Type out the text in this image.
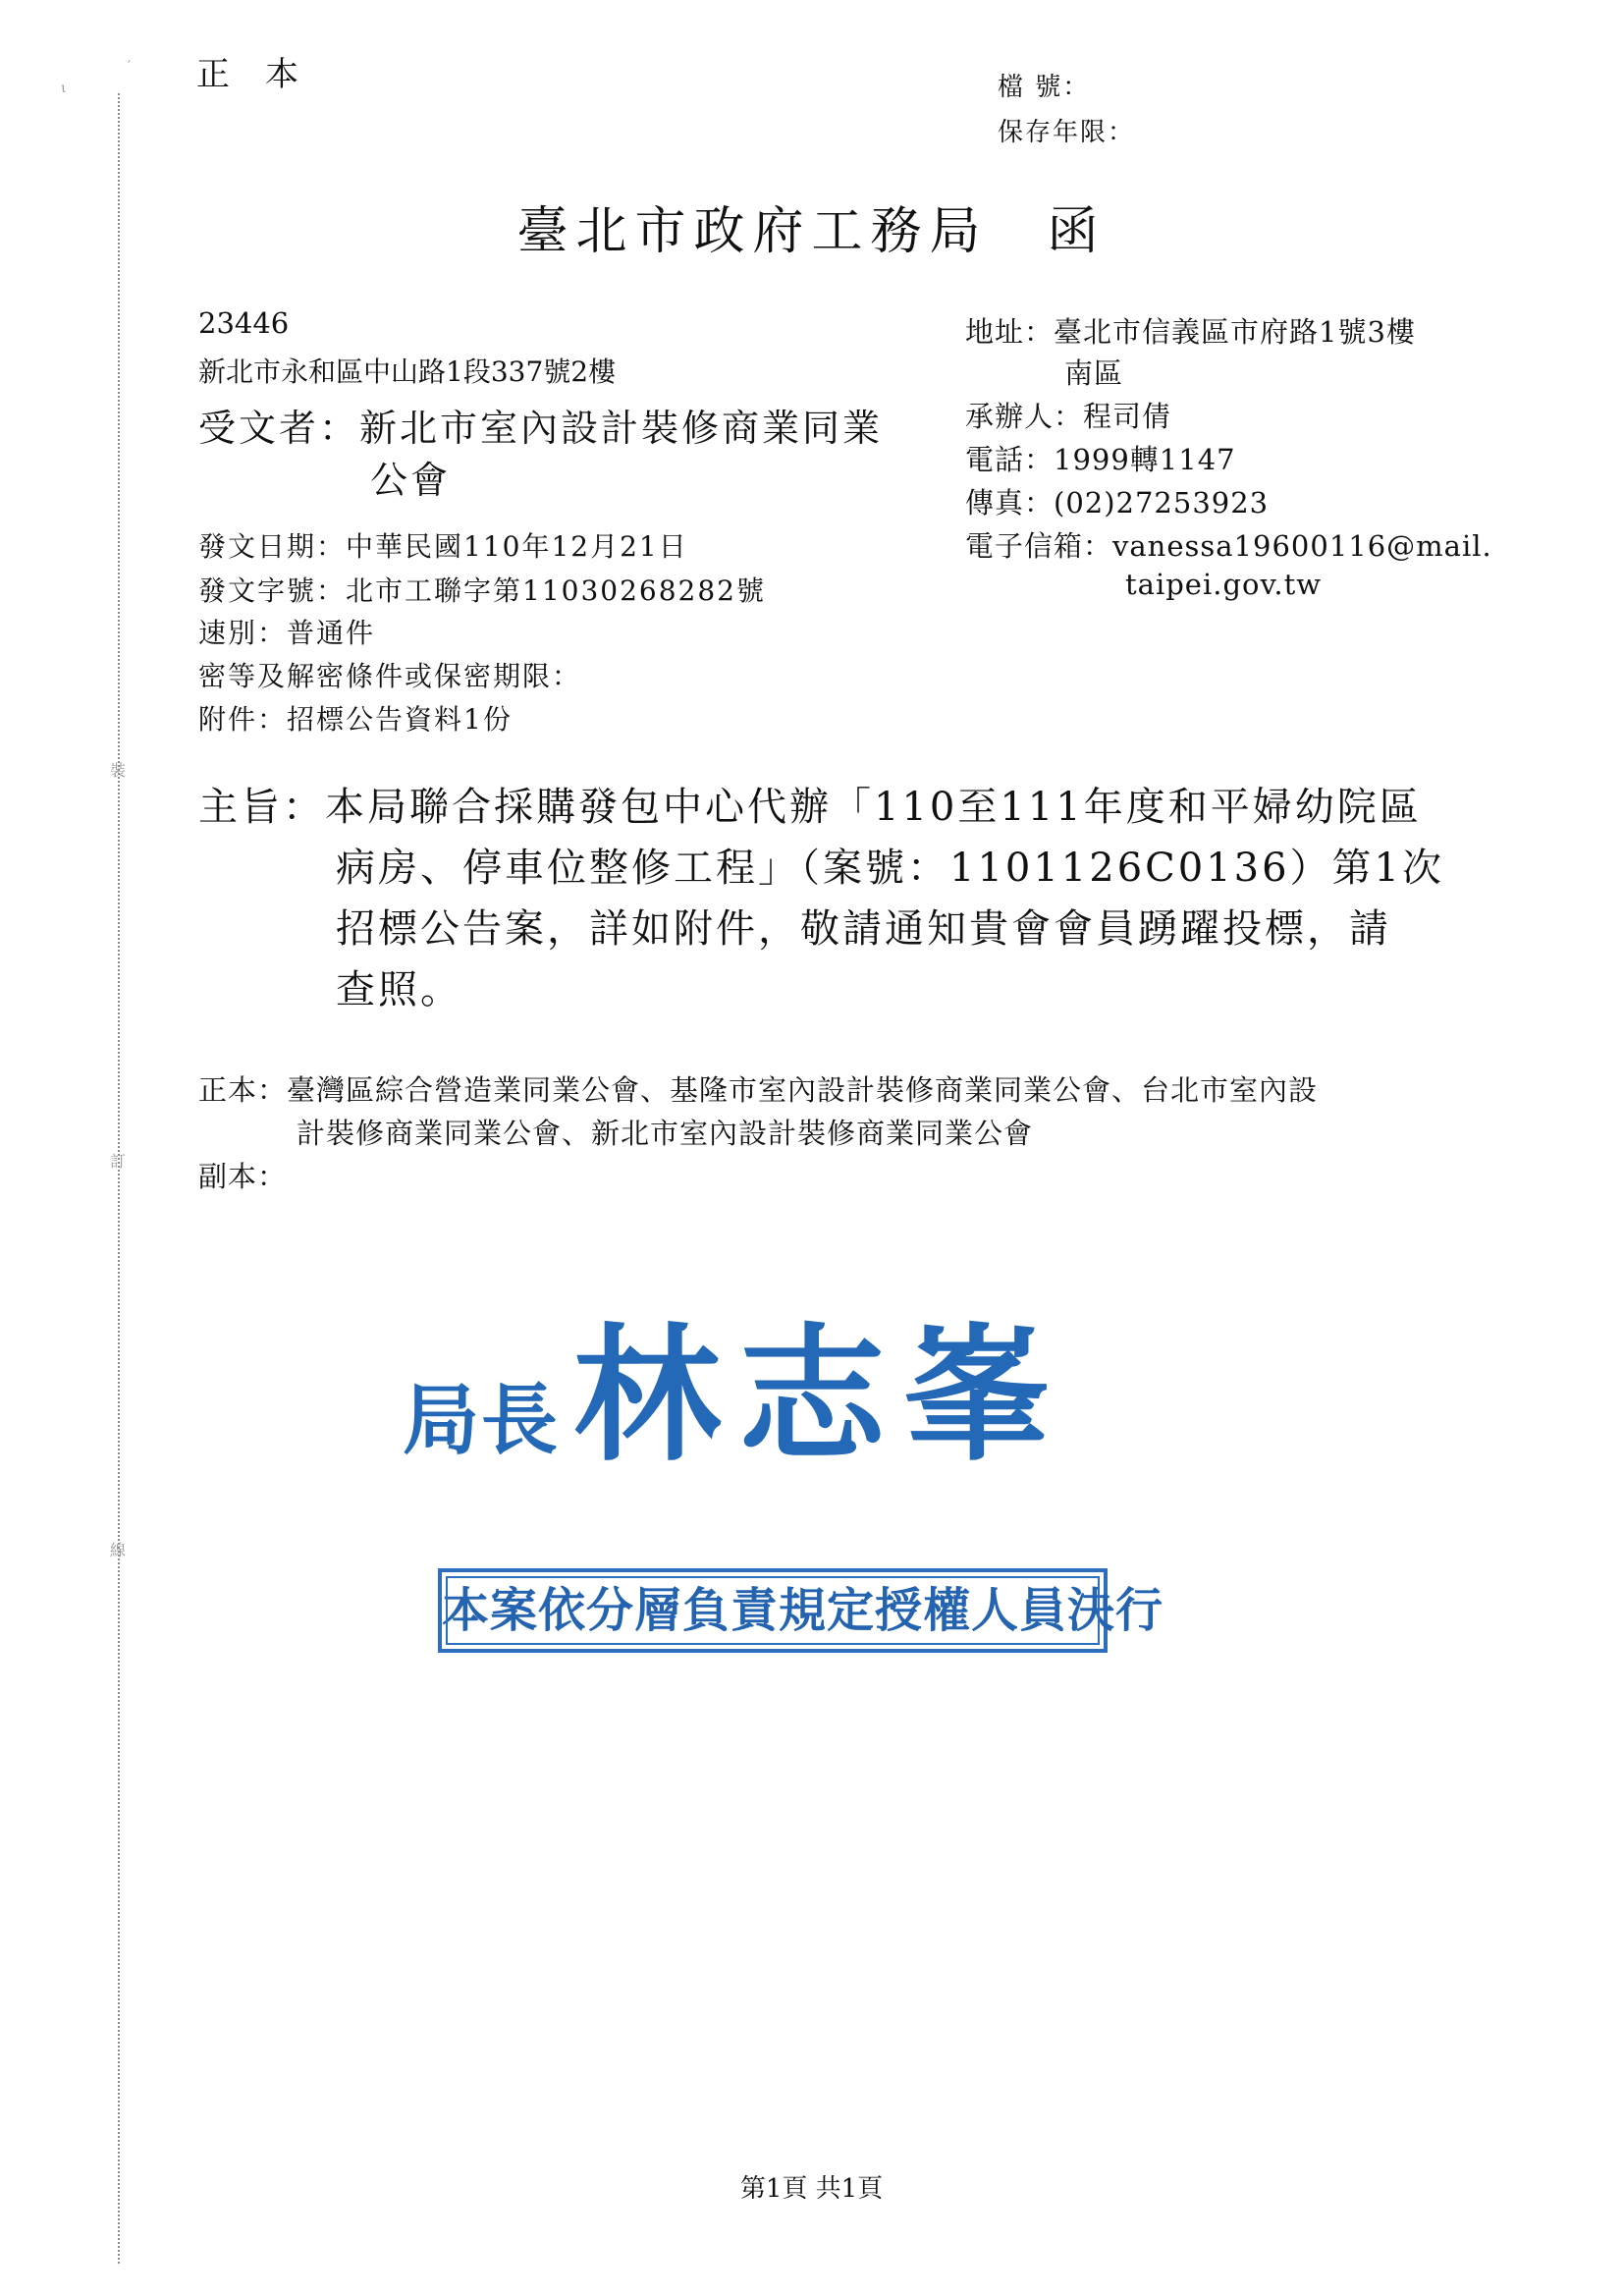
ι
′
裝
訂
線
正本	檔 號：
保存年限：
臺北市政府工務局　函
23446
新北市永和區中山路1段337號2樓
受文者：新北市室內設計裝修商業同業
公會
發文日期：中華民國110年12月21日
發文字號：北市工聯字第11030268282號
速別：普通件
密等及解密條件或保密期限：
附件：招標公告資料1份
地址：臺北市信義區市府路1號3樓
南區
承辦人：程司倩
電話：1999轉1147
傳真：(02)27253923
電子信箱：vanessa19600116@mail.
taipei.gov.tw
主旨：本局聯合採購發包中心代辦「110至111年度和平婦幼院區
病房、停車位整修工程」（案號：1101126C0136）第1次
招標公告案，詳如附件，敬請通知貴會會員踴躍投標，請
查照。
正本：臺灣區綜合營造業同業公會、基隆市室內設計裝修商業同業公會、台北市室內設
計裝修商業同業公會、新北市室內設計裝修商業同業公會
副本：
局長林志峯
本案依分層負責規定授權人員決行
第1頁 共1頁
